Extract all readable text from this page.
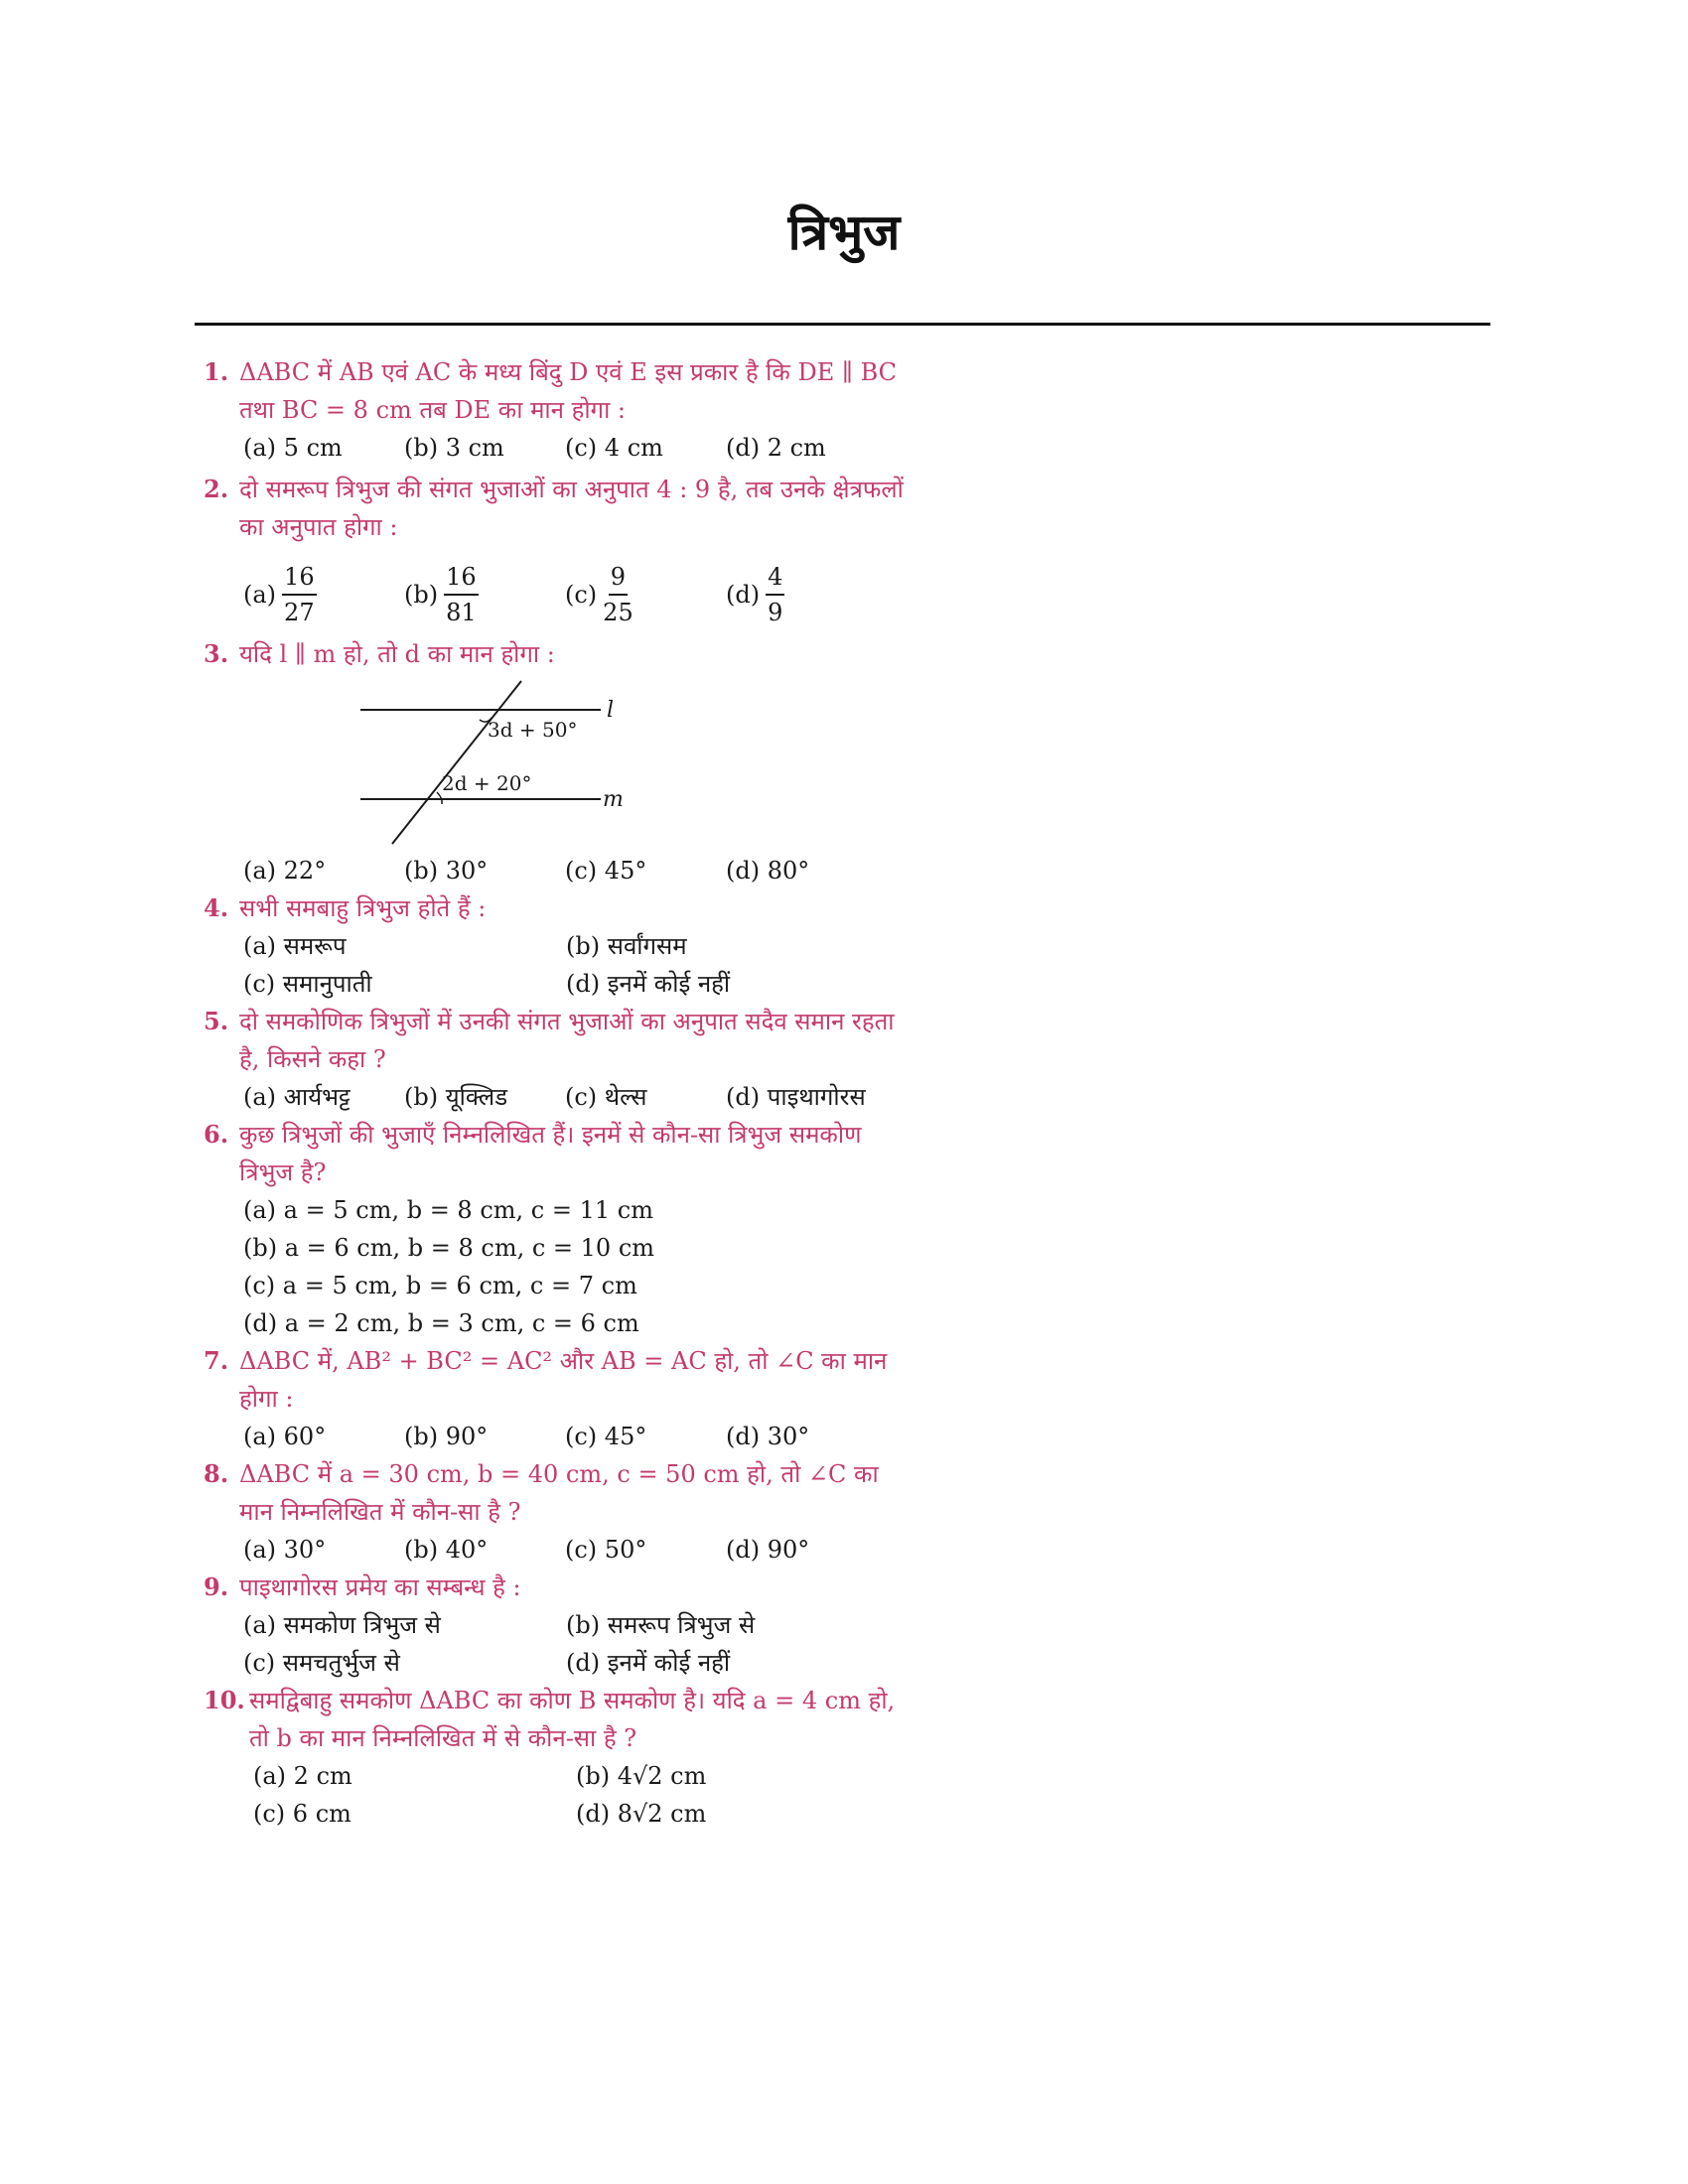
त्रिभुज
1. ΔABC में AB एवं AC के मध्य बिंदु D एवं E इस प्रकार है कि DE ∥ BC तथा BC = 8 cm तब DE का मान होगा :
(a) 5 cm	(b) 3 cm	(c) 4 cm	(d) 2 cm
2. दो समरूप त्रिभुज की संगत भुजाओं का अनुपात 4 : 9 है, तब उनके क्षेत्रफलों का अनुपात होगा :
$(a) \frac{16}{27}$	$(b) \frac{16}{81}$	$(c) \frac{9}{25}$	$(d) \frac{4}{9}$
3. यदि l ∥ m हो, तो d का मान होगा :
l
m
3d + 50°
2d + 20°
(a) 22°	(b) 30°	(c) 45°	(d) 80°
4. सभी समबाहु त्रिभुज होते हैं :
(a) समरूप	(b) सर्वांगसम
(c) समानुपाती	(d) इनमें कोई नहीं
5. दो समकोणिक त्रिभुजों में उनकी संगत भुजाओं का अनुपात सदैव समान रहता है, किसने कहा ?
(a) आर्यभट्ट	(b) यूक्लिड	(c) थेल्स	(d) पाइथागोरस
6. कुछ त्रिभुजों की भुजाएँ निम्नलिखित हैं। इनमें से कौन-सा त्रिभुज समकोण त्रिभुज है?
(a) a = 5 cm, b = 8 cm, c = 11 cm
(b) a = 6 cm, b = 8 cm, c = 10 cm
(c) a = 5 cm, b = 6 cm, c = 7 cm
(d) a = 2 cm, b = 3 cm, c = 6 cm
7. ΔABC में, AB² + BC² = AC² और AB = AC हो, तो ∠C का मान होगा :
(a) 60°	(b) 90°	(c) 45°	(d) 30°
8. ΔABC में a = 30 cm, b = 40 cm, c = 50 cm हो, तो ∠C का मान निम्नलिखित में कौन-सा है ?
(a) 30°	(b) 40°	(c) 50°	(d) 90°
9. पाइथागोरस प्रमेय का सम्बन्ध है :
(a) समकोण त्रिभुज से	(b) समरूप त्रिभुज से
(c) समचतुर्भुज से	(d) इनमें कोई नहीं
10. समद्विबाहु समकोण ΔABC का कोण B समकोण है। यदि a = 4 cm हो, तो b का मान निम्नलिखित में से कौन-सा है ?
(a) 2 cm	(b) 4√2 cm
(c) 6 cm	(d) 8√2 cm
